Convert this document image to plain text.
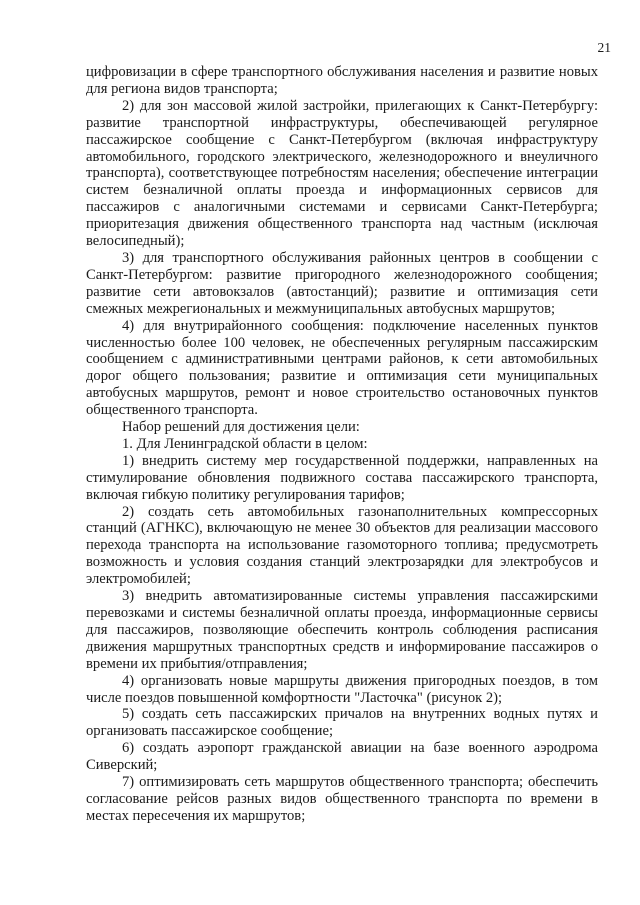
21

цифровизации в сфере транспортного обслуживания населения и развитие новых для региона видов транспорта;

2) для зон массовой жилой застройки, прилегающих к Санкт-Петербургу: развитие транспортной инфраструктуры, обеспечивающей регулярное пассажирское сообщение с Санкт-Петербургом (включая инфраструктуру автомобильного, городского электрического, железнодорожного и внеуличного транспорта), соответствующее потребностям населения; обеспечение интеграции систем безналичной оплаты проезда и информационных сервисов для пассажиров с аналогичными системами и сервисами Санкт-Петербурга; приоритезация движения общественного транспорта над частным (исключая велосипедный);

3) для транспортного обслуживания районных центров в сообщении с Санкт-Петербургом: развитие пригородного железнодорожного сообщения; развитие сети автовокзалов (автостанций); развитие и оптимизация сети смежных межрегиональных и межмуниципальных автобусных маршрутов;

4) для внутрирайонного сообщения: подключение населенных пунктов численностью более 100 человек, не обеспеченных регулярным пассажирским сообщением с административными центрами районов, к сети автомобильных дорог общего пользования; развитие и оптимизация сети муниципальных автобусных маршрутов, ремонт и новое строительство остановочных пунктов общественного транспорта.

Набор решений для достижения цели:

1. Для Ленинградской области в целом:

1) внедрить систему мер государственной поддержки, направленных на стимулирование обновления подвижного состава пассажирского транспорта, включая гибкую политику регулирования тарифов;

2) создать сеть автомобильных газонаполнительных компрессорных станций (АГНКС), включающую не менее 30 объектов для реализации массового перехода транспорта на использование газомоторного топлива; предусмотреть возможность и условия создания станций электрозарядки для электробусов и электромобилей;

3) внедрить автоматизированные системы управления пассажирскими перевозками и системы безналичной оплаты проезда, информационные сервисы для пассажиров, позволяющие обеспечить контроль соблюдения расписания движения маршрутных транспортных средств и информирование пассажиров о времени их прибытия/отправления;

4) организовать новые маршруты движения пригородных поездов, в том числе поездов повышенной комфортности "Ласточка" (рисунок 2);

5) создать сеть пассажирских причалов на внутренних водных путях и организовать пассажирское сообщение;

6) создать аэропорт гражданской авиации на базе военного аэродрома Сиверский;

7) оптимизировать сеть маршрутов общественного транспорта; обеспечить согласование рейсов разных видов общественного транспорта по времени в местах пересечения их маршрутов;
